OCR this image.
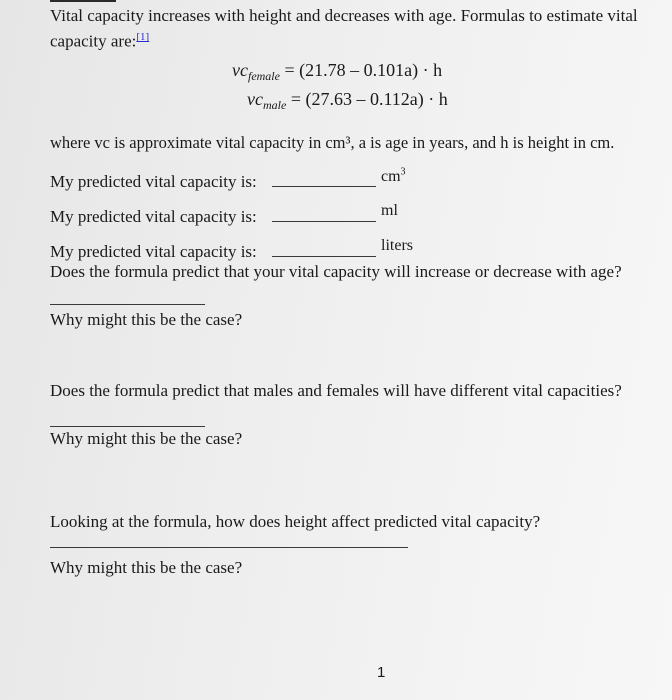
Vital capacity increases with height and decreases with age. Formulas to estimate vital
capacity are:[1]
$vc_{female} = (21.78 - 0.101a) \cdot h$
$vc_{male} = (27.63 - 0.112a) \cdot h$
where vc is approximate vital capacity in cm³, a is age in years, and h is height in cm.
My predicted vital capacity is:	$cm^3$
My predicted vital capacity is:	ml
My predicted vital capacity is:	liters
Does the formula predict that your vital capacity will increase or decrease with age?
Why might this be the case?
Does the formula predict that males and females will have different vital capacities?
Why might this be the case?
Looking at the formula, how does height affect predicted vital capacity?
Why might this be the case?
1
